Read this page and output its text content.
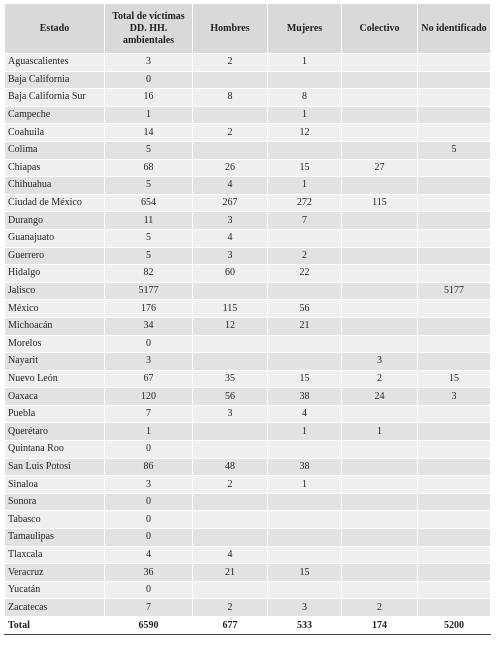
Estado	Total de víctimas DD. HH. ambientales	Hombres	Mujeres	Colectivo	No identificado
Aguascalientes	3	2	1		
Baja California	0				
Baja California Sur	16	8	8		
Campeche	1		1		
Coahuila	14	2	12		
Colima	5				5
Chiapas	68	26	15	27	
Chihuahua	5	4	1		
Ciudad de México	654	267	272	115	
Durango	11	3	7		
Guanajuato	5	4			
Guerrero	5	3	2		
Hidalgo	82	60	22		
Jalisco	5177				5177
México	176	115	56		
Michoacán	34	12	21		
Morelos	0				
Nayarit	3			3	
Nuevo León	67	35	15	2	15
Oaxaca	120	56	38	24	3
Puebla	7	3	4		
Querétaro	1		1	1	
Quintana Roo	0				
San Luis Potosí	86	48	38		
Sinaloa	3	2	1		
Sonora	0				
Tabasco	0				
Tamaulipas	0				
Tlaxcala	4	4			
Veracruz	36	21	15		
Yucatán	0				
Zacatecas	7	2	3	2	
Total	6590	677	533	174	5200
